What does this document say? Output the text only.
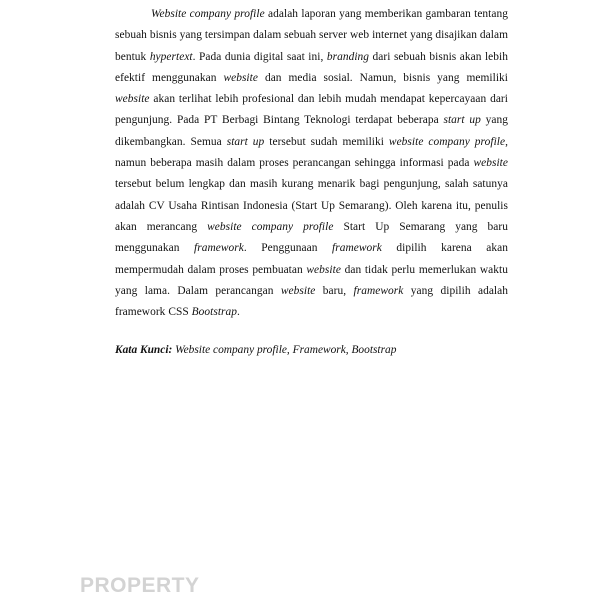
Website company profile adalah laporan yang memberikan gambaran tentang sebuah bisnis yang tersimpan dalam sebuah server web internet yang disajikan dalam bentuk hypertext. Pada dunia digital saat ini, branding dari sebuah bisnis akan lebih efektif menggunakan website dan media sosial. Namun, bisnis yang memiliki website akan terlihat lebih profesional dan lebih mudah mendapat kepercayaan dari pengunjung. Pada PT Berbagi Bintang Teknologi terdapat beberapa start up yang dikembangkan. Semua start up tersebut sudah memiliki website company profile, namun beberapa masih dalam proses perancangan sehingga informasi pada website tersebut belum lengkap dan masih kurang menarik bagi pengunjung, salah satunya adalah CV Usaha Rintisan Indonesia (Start Up Semarang). Oleh karena itu, penulis akan merancang website company profile Start Up Semarang yang baru menggunakan framework. Penggunaan framework dipilih karena akan mempermudah dalam proses pembuatan website dan tidak perlu memerlukan waktu yang lama. Dalam perancangan website baru, framework yang dipilih adalah framework CSS Bootstrap.

Kata Kunci: Website company profile, Framework, Bootstrap

PROPERTY
